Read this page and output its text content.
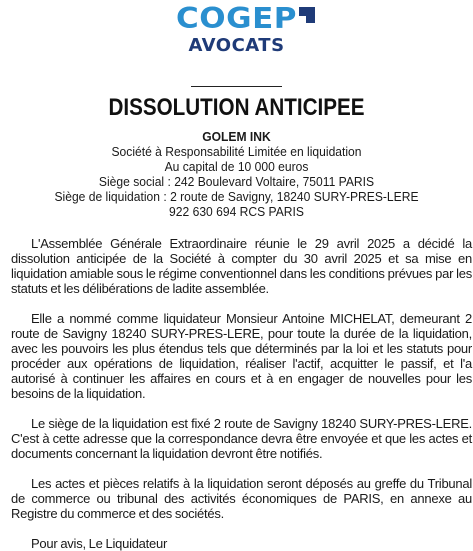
COGEP
AVOCATS
DISSOLUTION ANTICIPEE
GOLEM INK
Société à Responsabilité Limitée en liquidation
Au capital de 10 000 euros
Siège social : 242 Boulevard Voltaire, 75011 PARIS
Siège de liquidation : 2 route de Savigny, 18240 SURY-PRES-LERE
922 630 694 RCS PARIS

L'Assemblée Générale Extraordinaire réunie le 29 avril 2025 a décidé la dissolution anticipée de la Société à compter du 30 avril 2025 et sa mise en liquidation amiable sous le régime conventionnel dans les conditions prévues par les statuts et les délibérations de ladite assemblée.

Elle a nommé comme liquidateur Monsieur Antoine MICHELAT, demeurant 2 route de Savigny 18240 SURY-PRES-LERE, pour toute la durée de la liquidation, avec les pouvoirs les plus étendus tels que déterminés par la loi et les statuts pour procéder aux opérations de liquidation, réaliser l'actif, acquitter le passif, et l'a autorisé à continuer les affaires en cours et à en engager de nouvelles pour les besoins de la liquidation.

Le siège de la liquidation est fixé 2 route de Savigny 18240 SURY-PRES-LERE. C'est à cette adresse que la correspondance devra être envoyée et que les actes et documents concernant la liquidation devront être notifiés.

Les actes et pièces relatifs à la liquidation seront déposés au greffe du Tribunal de commerce ou tribunal des activités économiques de PARIS, en annexe au Registre du commerce et des sociétés.

Pour avis, Le Liquidateur
